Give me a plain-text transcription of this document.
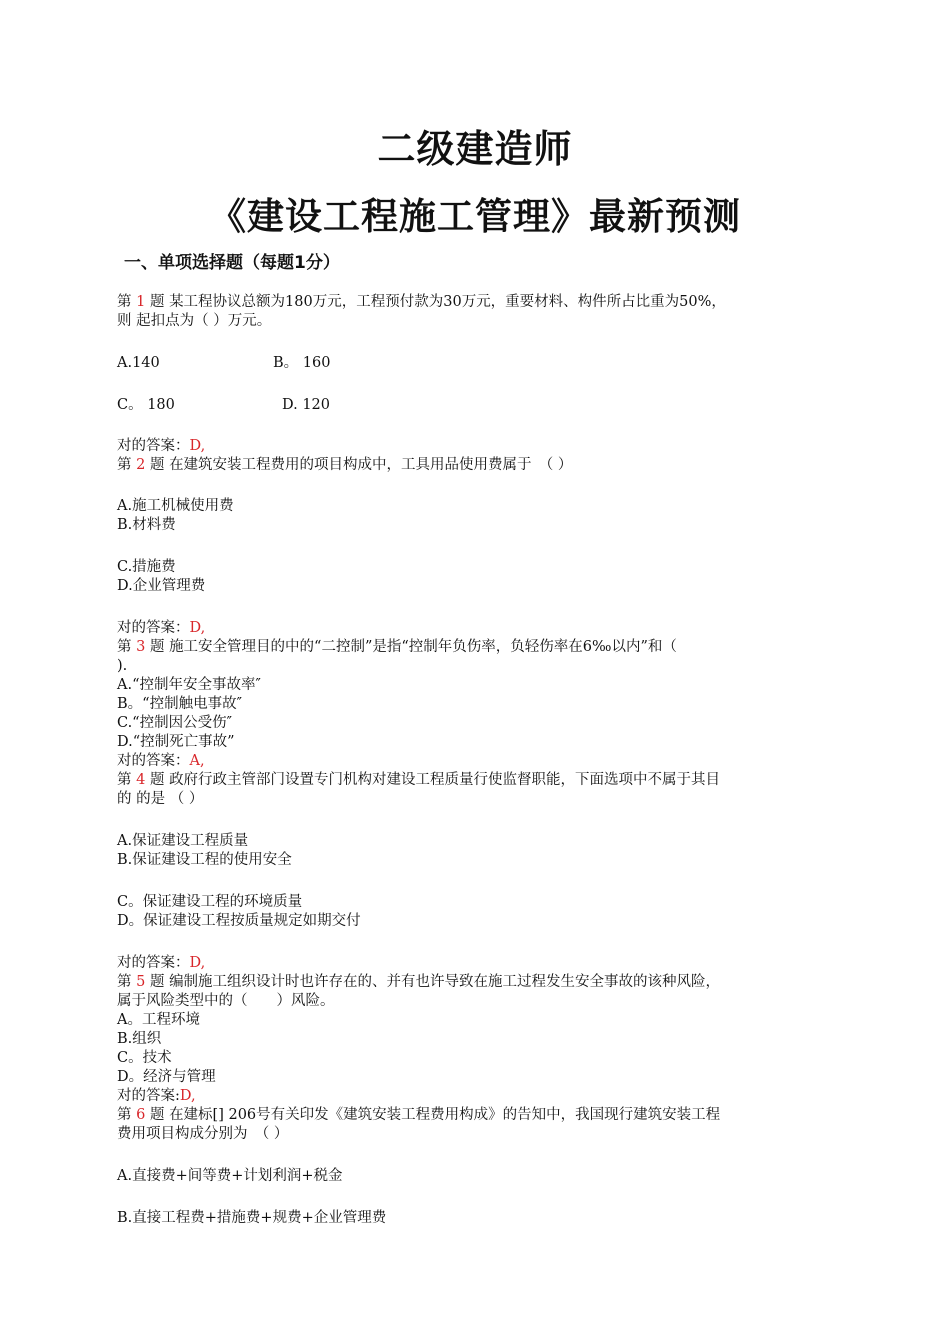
二级建造师
《建设工程施工管理》最新预测
一、单项选择题（每题1分）
第 1 题 某工程协议总额为180万元，工程预付款为30万元，重要材料、构件所占比重为50%，
则 起扣点为（ ）万元。
A.140	B。 160
C。 180	D. 120
对的答案：D,
第 2 题 在建筑安装工程费用的项目构成中，工具用品使用费属于　（ ）
A.施工机械使用费
B.材料费
C.措施费
D.企业管理费
对的答案：D,
第 3 题 施工安全管理目的中的“二控制”是指“控制年负伤率，负轻伤率在6‰以内”和（
).
A.“控制年安全事故率″
B。“控制触电事故″
C.“控制因公受伤″
D.“控制死亡事故”
对的答案：A,
第 4 题 政府行政主管部门设置专门机构对建设工程质量行使监督职能，下面选项中不属于其目
的 的是 （ ）
A.保证建设工程质量
B.保证建设工程的使用安全
C。保证建设工程的环境质量
D。保证建设工程按质量规定如期交付
对的答案：D,
第 5 题 编制施工组织设计时也许存在的、并有也许导致在施工过程发生安全事故的该种风险，
属于风险类型中的（　　）风险。
A。工程环境
B.组织
C。技术
D。经济与管理
对的答案:D,
第 6 题 在建标[] 206号有关印发《建筑安装工程费用构成》的告知中，我国现行建筑安装工程
费用项目构成分别为　（ ）
A.直接费+间等费+计划利润+税金
B.直接工程费+措施费+规费+企业管理费
